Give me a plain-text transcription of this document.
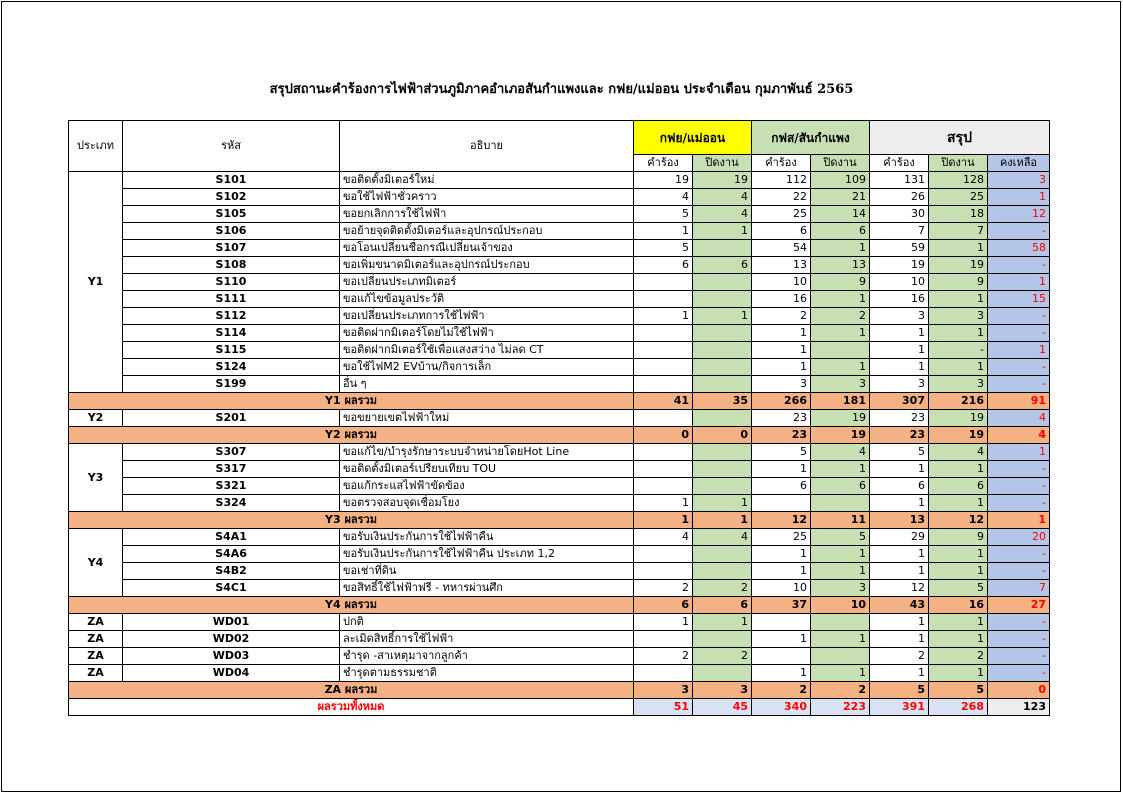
สรุปสถานะคำร้องการไฟฟ้าส่วนภูมิภาคอำเภอสันกำแพงและ กฟย/แม่ออน ประจำเดือน กุมภาพันธ์ 2565
ประเภท	รหัส	อธิบาย	กฟย/แม่ออน		กฟส/สันกำแพง		สรุป		
			คำร้อง	ปิดงาน	คำร้อง	ปิดงาน	คำร้อง	ปิดงาน	คงเหลือ
Y1	S101	ขอติดตั้งมิเตอร์ใหม่	19	19	112	109	131	128	3
	S102	ขอใช้ไฟฟ้าชั่วคราว	4	4	22	21	26	25	1
	S105	ขอยกเลิกการใช้ไฟฟ้า	5	4	25	14	30	18	12
	S106	ขอย้ายจุดติดตั้งมิเตอร์และอุปกรณ์ประกอบ	1	1	6	6	7	7	-
	S107	ขอโอนเปลี่ยนชื่อกรณีเปลี่ยนเจ้าของ	5		54	1	59	1	58
	S108	ขอเพิ่มขนาดมิเตอร์และอุปกรณ์ประกอบ	6	6	13	13	19	19	-
	S110	ขอเปลี่ยนประเภทมิเตอร์			10	9	10	9	1
	S111	ขอแก้ไขข้อมูลประวัติ			16	1	16	1	15
	S112	ขอเปลี่ยนประเภทการใช้ไฟฟ้า	1	1	2	2	3	3	-
	S114	ขอติดฝากมิเตอร์โดยไม่ใช้ไฟฟ้า			1	1	1	1	-
	S115	ขอติดฝากมิเตอร์ใช้เพื่อแสงสว่าง ไม่ลด CT			1		1	-	1
	S124	ขอใช้ไฟM2 EVบ้าน/กิจการเล็ก			1	1	1	1	-
	S199	อื่น ๆ			3	3	3	3	-
Y1 ผลรวม			41	35	266	181	307	216	91
Y2	S201	ขอขยายเขตไฟฟ้าใหม่			23	19	23	19	4
Y2 ผลรวม			0	0	23	19	23	19	4
Y3	S307	ขอแก้ไข/บำรุงรักษาระบบจำหน่ายโดยHot Line			5	4	5	4	1
	S317	ขอติดตั้งมิเตอร์เปรียบเทียบ TOU			1	1	1	1	-
	S321	ขอแก้กระแสไฟฟ้าขัดข้อง			6	6	6	6	-
	S324	ขอตรวจสอบจุดเชื่อมโยง	1	1			1	1	-
Y3 ผลรวม			1	1	12	11	13	12	1
Y4	S4A1	ขอรับเงินประกันการใช้ไฟฟ้าคืน	4	4	25	5	29	9	20
	S4A6	ขอรับเงินประกันการใช้ไฟฟ้าคืน ประเภท 1,2			1	1	1	1	-
	S4B2	ขอเช่าที่ดิน			1	1	1	1	-
	S4C1	ขอสิทธิ์ใช้ไฟฟ้าฟรี - ทหารผ่านศึก	2	2	10	3	12	5	7
Y4 ผลรวม			6	6	37	10	43	16	27
ZA	WD01	ปกติ	1	1			1	1	-
ZA	WD02	ละเมิดสิทธิ์การใช้ไฟฟ้า			1	1	1	1	-
ZA	WD03	ชำรุด -สาเหตุมาจากลูกค้า	2	2			2	2	-
ZA	WD04	ชำรุดตามธรรมชาติ			1	1	1	1	-
ZA ผลรวม			3	3	2	2	5	5	0
ผลรวมทั้งหมด			51	45	340	223	391	268	123
